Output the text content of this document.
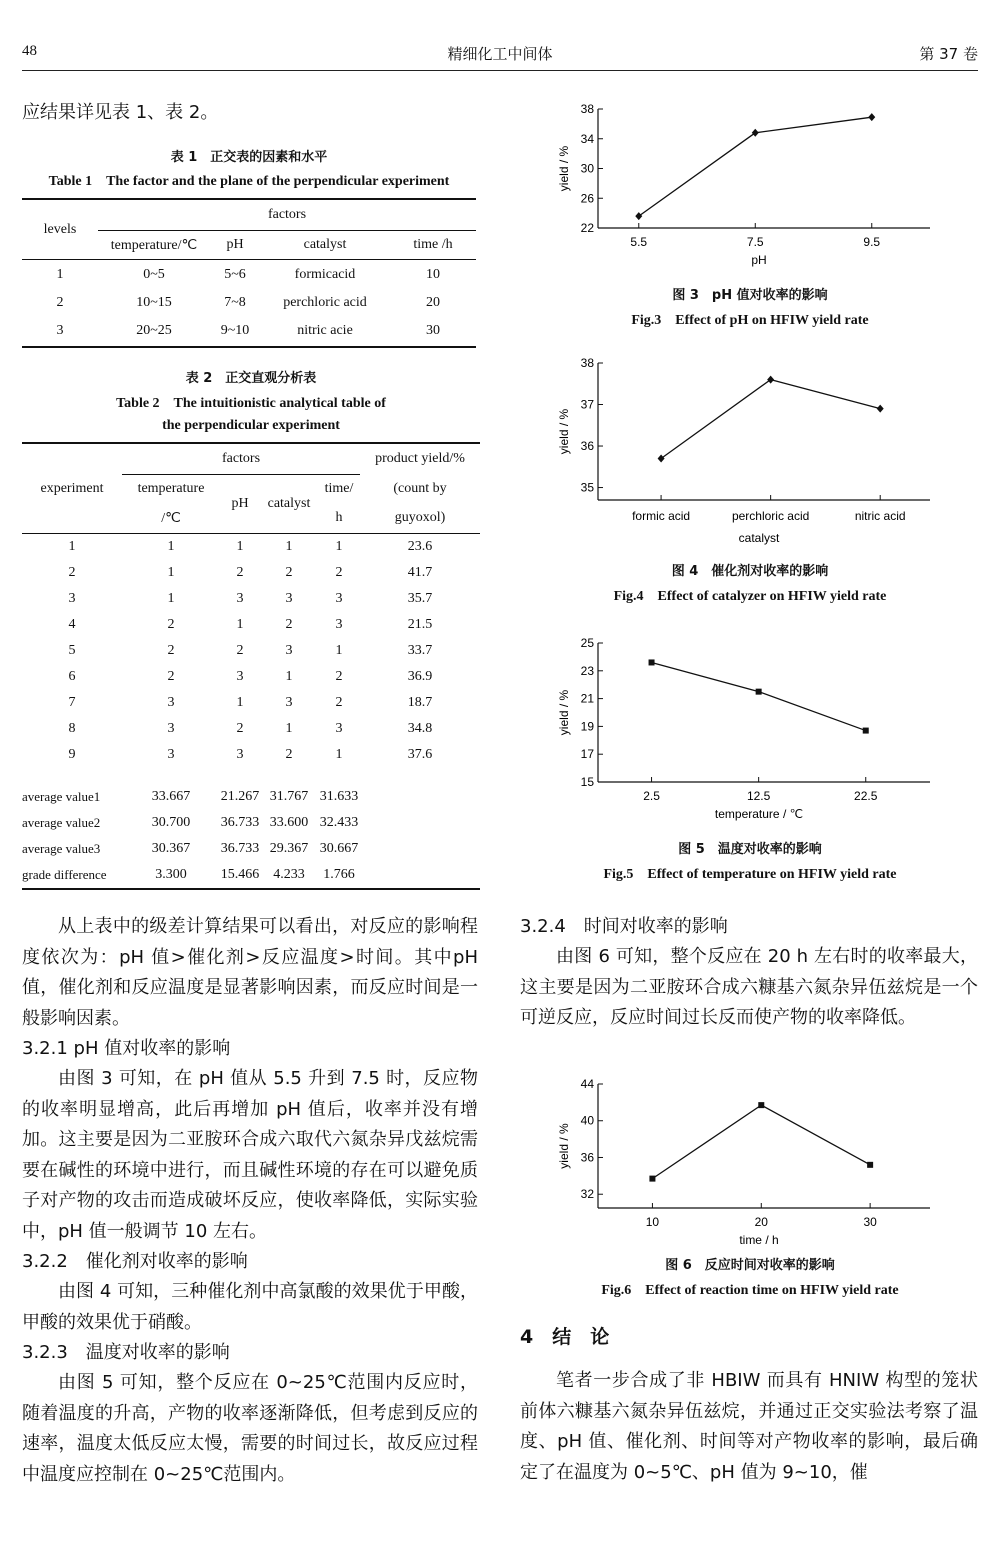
48	精细化工中间体	第 37 卷
应结果详见表 1、表 2。
表 1　正交表的因素和水平
Table 1　The factor and the plane of the perpendicular experiment
levels	factors			
	temperature/℃	pH	catalyst	time /h
1	0~5	5~6	formicacid	10
2	10~15	7~8	perchloric acid	20
3	20~25	9~10	nitric acie	30
表 2　正交直观分析表
Table 2　The intuitionistic analytical table of
the perpendicular experiment
experiment	factors				product yield/%
	temperature	pH	catalyst	time/	(count by
	/℃			h	guyoxol)
1	1	1	1	1	23.6
2	1	2	2	2	41.7
3	1	3	3	3	35.7
4	2	1	2	3	21.5
5	2	2	3	1	33.7
6	2	3	1	2	36.9
7	3	1	3	2	18.7
8	3	2	1	3	34.8
9	3	3	2	1	37.6
average value1	33.667	21.267	31.767	31.633	
average value2	30.700	36.733	33.600	32.433	
average value3	30.367	36.733	29.367	30.667	
grade difference	3.300	15.466	4.233	1.766	
从上表中的级差计算结果可以看出，对反应的影响程度依次为：pH 值>催化剂>反应温度>时间。其中pH 值，催化剂和反应温度是显著影响因素，而反应时间是一般影响因素。
3.2.1 pH 值对收率的影响
由图 3 可知，在 pH 值从 5.5 升到 7.5 时，反应物的收率明显增高，此后再增加 pH 值后，收率并没有增加。这主要是因为二亚胺环合成六取代六氮杂异戊兹烷需要在碱性的环境中进行，而且碱性环境的存在可以避免质子对产物的攻击而造成破坏反应，使收率降低，实际实验中，pH 值一般调节 10 左右。
3.2.2　催化剂对收率的影响
由图 4 可知，三种催化剂中高氯酸的效果优于甲酸，甲酸的效果优于硝酸。
3.2.3　温度对收率的影响
由图 5 可知，整个反应在 0~25℃范围内反应时，随着温度的升高，产物的收率逐渐降低，但考虑到反应的速率，温度太低反应太慢，需要的时间过长，故反应过程中温度应控制在 0~25℃范围内。
22
26
30
34
38
5.5	7.5	9.5
pH
yield / %
图 3　pH 值对收率的影响
Fig.3　Effect of pH on HFIW yield rate
35
36
37
38
formic acid	perchloric acid	nitric acid
catalyst
yield / %
图 4　催化剂对收率的影响
Fig.4　Effect of catalyzer on HFIW yield rate
15
17
19
21
23
25
2.5	12.5	22.5
temperature / ℃
yield / %
图 5　温度对收率的影响
Fig.5　Effect of temperature on HFIW yield rate
3.2.4　时间对收率的影响
由图 6 可知，整个反应在 20 h 左右时的收率最大，这主要是因为二亚胺环合成六糠基六氮杂异伍兹烷是一个可逆反应，反应时间过长反而使产物的收率降低。
32
36
40
44
10	20	30
time / h
yield / %
图 6　反应时间对收率的影响
Fig.6　Effect of reaction time on HFIW yield rate
4　结　论
笔者一步合成了非 HBIW 而具有 HNIW 构型的笼状前体六糠基六氮杂异伍兹烷，并通过正交实验法考察了温度、pH 值、催化剂、时间等对产物收率的影响，最后确定了在温度为 0~5℃、pH 值为 9~10，催
